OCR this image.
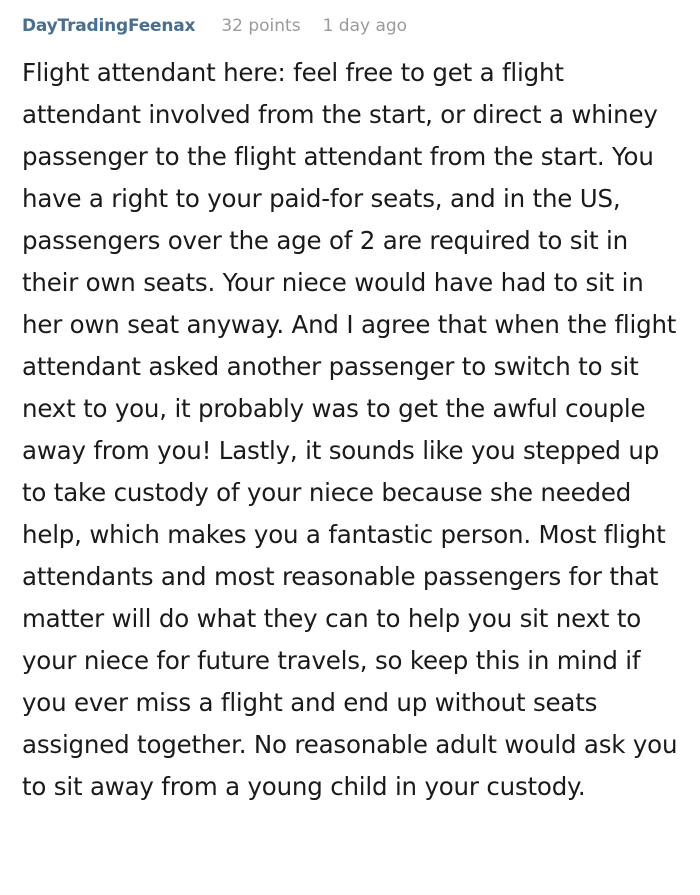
DayTradingFeenax 32 points 1 day ago

Flight attendant here: feel free to get a flight attendant involved from the start, or direct a whiney passenger to the flight attendant from the start. You have a right to your paid-for seats, and in the US, passengers over the age of 2 are required to sit in their own seats. Your niece would have had to sit in her own seat anyway. And I agree that when the flight attendant asked another passenger to switch to sit next to you, it probably was to get the awful couple away from you! Lastly, it sounds like you stepped up to take custody of your niece because she needed help, which makes you a fantastic person. Most flight attendants and most reasonable passengers for that matter will do what they can to help you sit next to your niece for future travels, so keep this in mind if you ever miss a flight and end up without seats assigned together. No reasonable adult would ask you to sit away from a young child in your custody.
